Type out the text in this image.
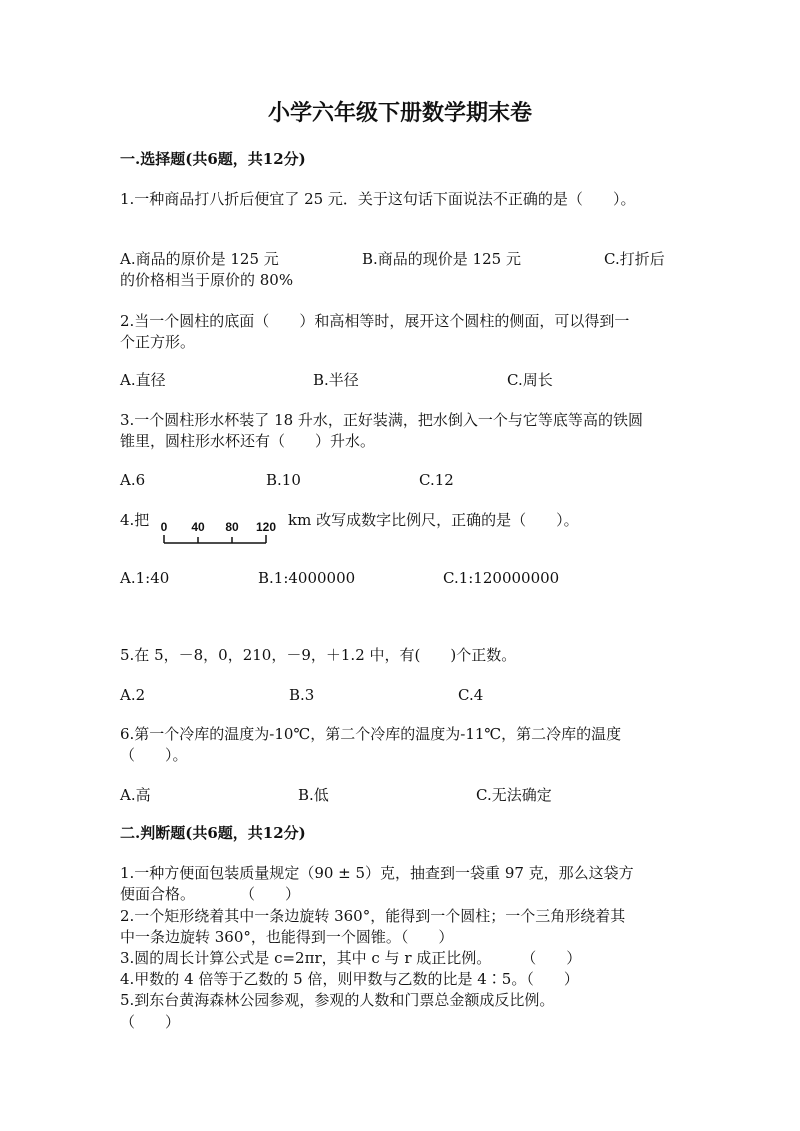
小学六年级下册数学期末卷
一.选择题(共6题，共12分)
1.一种商品打八折后便宜了 25 元．关于这句话下面说法不正确的是（　　）。
A.商品的原价是 125 元	B.商品的现价是 125 元	C.打折后
的价格相当于原价的 80%
2.当一个圆柱的底面（　　）和高相等时，展开这个圆柱的侧面，可以得到一
个正方形。
A.直径	B.半径	C.周长
3.一个圆柱形水杯装了 18 升水，正好装满，把水倒入一个与它等底等高的铁圆
锥里，圆柱形水杯还有（　　）升水。
A.6	B.10	C.12
4.把 0 40 80 120 km 改写成数字比例尺，正确的是（　　）。
A.1:40	B.1:4000000	C.1:120000000
5.在 5，－8，0，210，－9，＋1.2 中，有(　　)个正数。
A.2	B.3	C.4
6.第一个冷库的温度为-10℃，第二个冷库的温度为-11℃，第二冷库的温度
（　　）。
A.高	B.低	C.无法确定
二.判断题(共6题，共12分)
1.一种方便面包装质量规定（90 ± 5）克，抽查到一袋重 97 克，那么这袋方
便面合格。　　　　（　　）
2.一个矩形绕着其中一条边旋转 360°，能得到一个圆柱；一个三角形绕着其
中一条边旋转 360°，也能得到一个圆锥。（　　）
3.圆的周长计算公式是 c=2πr，其中 c 与 r 成正比例。　　　（　　）
4.甲数的 4 倍等于乙数的 5 倍，则甲数与乙数的比是 4∶5。（　　）
5.到东台黄海森林公园参观，参观的人数和门票总金额成反比例。
（　　）
